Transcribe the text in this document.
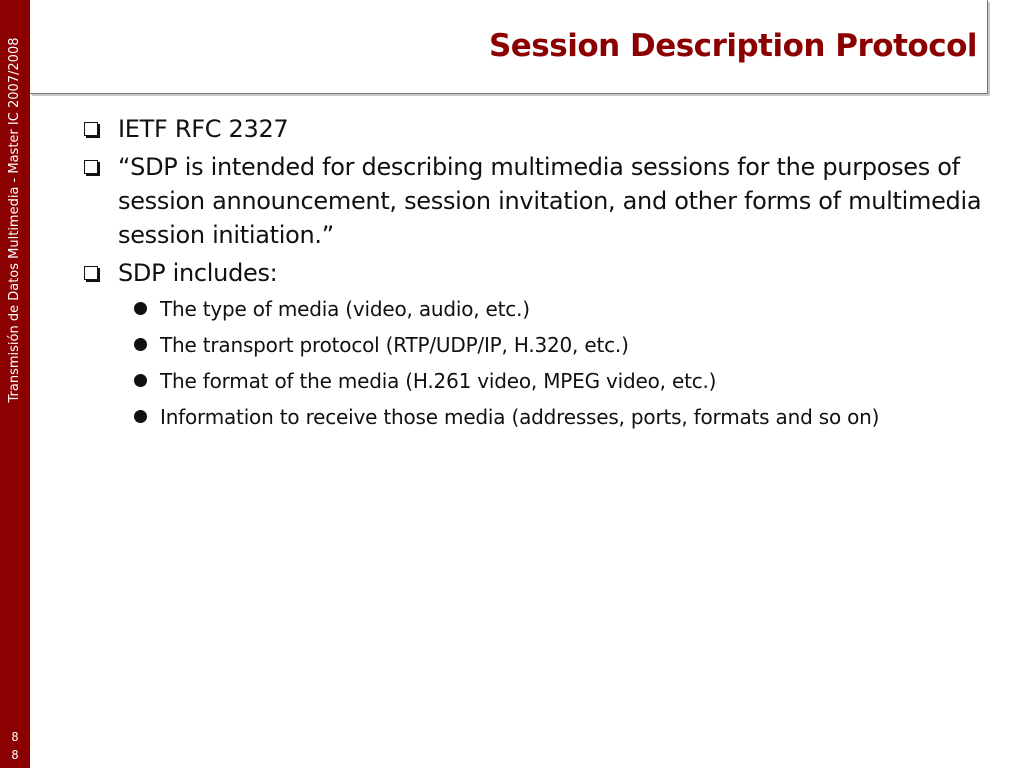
Transmisión de Datos Multimedia - Master IC 2007/2008
8
8
Session Description Protocol
IETF RFC 2327
“SDP is intended for describing multimedia sessions for the purposes of session announcement, session invitation, and other forms of multimedia session initiation.”
SDP includes:
The type of media (video, audio, etc.)
The transport protocol (RTP/UDP/IP, H.320, etc.)
The format of the media (H.261 video, MPEG video, etc.)
Information to receive those media (addresses, ports, formats and so on)
